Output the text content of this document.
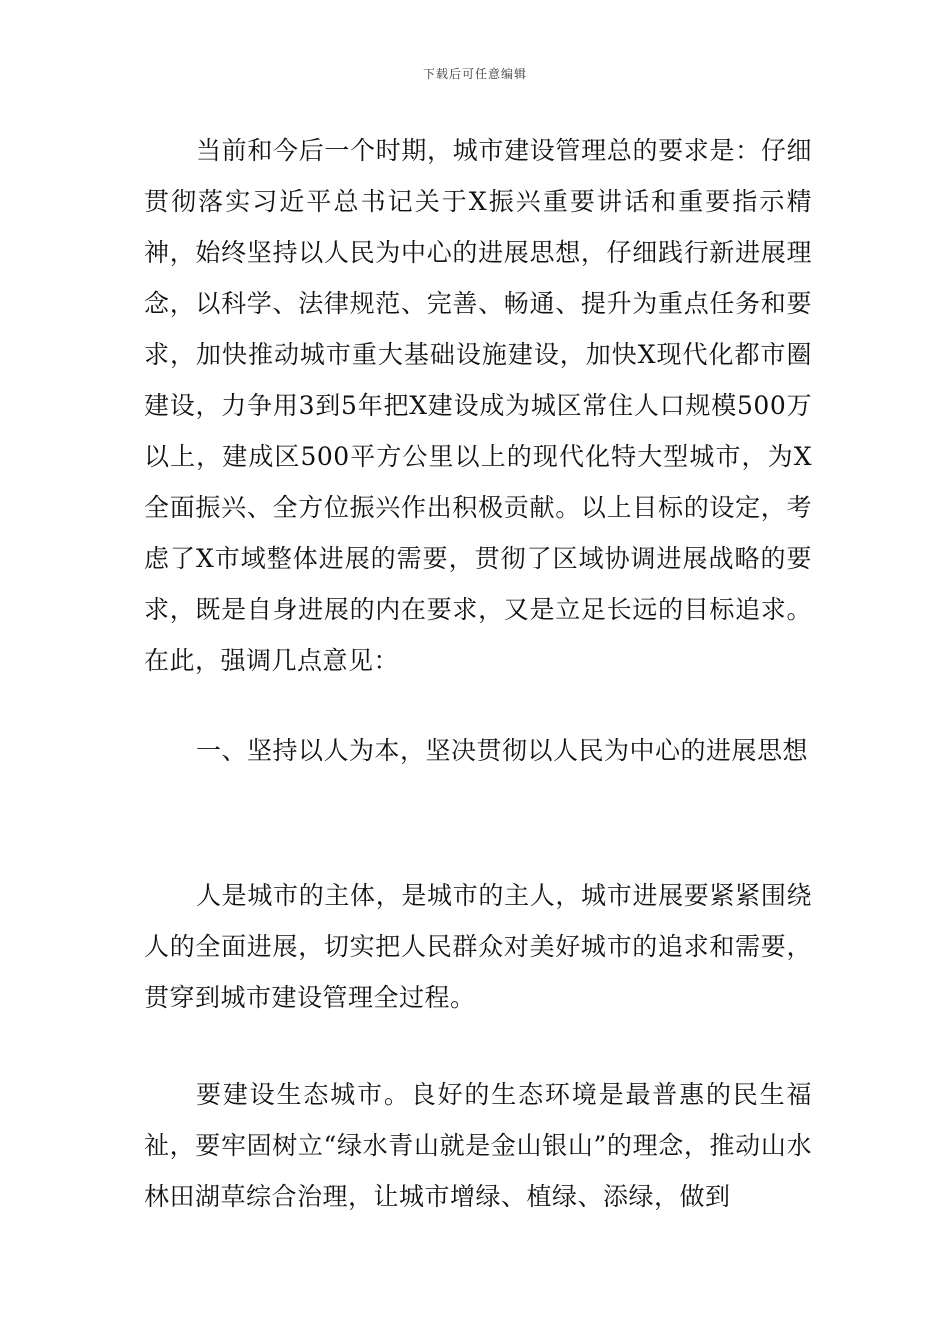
下载后可任意编辑

当前和今后一个时期，城市建设管理总的要求是：仔细贯彻落实习近平总书记关于X振兴重要讲话和重要指示精神，始终坚持以人民为中心的进展思想，仔细践行新进展理念，以科学、法律规范、完善、畅通、提升为重点任务和要求，加快推动城市重大基础设施建设，加快X现代化都市圈建设，力争用3到5年把X建设成为城区常住人口规模500万以上，建成区500平方公里以上的现代化特大型城市，为X全面振兴、全方位振兴作出积极贡献。以上目标的设定，考虑了X市域整体进展的需要，贯彻了区域协调进展战略的要求，既是自身进展的内在要求，又是立足长远的目标追求。在此，强调几点意见：

一、坚持以人为本，坚决贯彻以人民为中心的进展思想

人是城市的主体，是城市的主人，城市进展要紧紧围绕人的全面进展，切实把人民群众对美好城市的追求和需要，贯穿到城市建设管理全过程。

要建设生态城市。良好的生态环境是最普惠的民生福祉，要牢固树立“绿水青山就是金山银山”的理念，推动山水林田湖草综合治理，让城市增绿、植绿、添绿，做到
